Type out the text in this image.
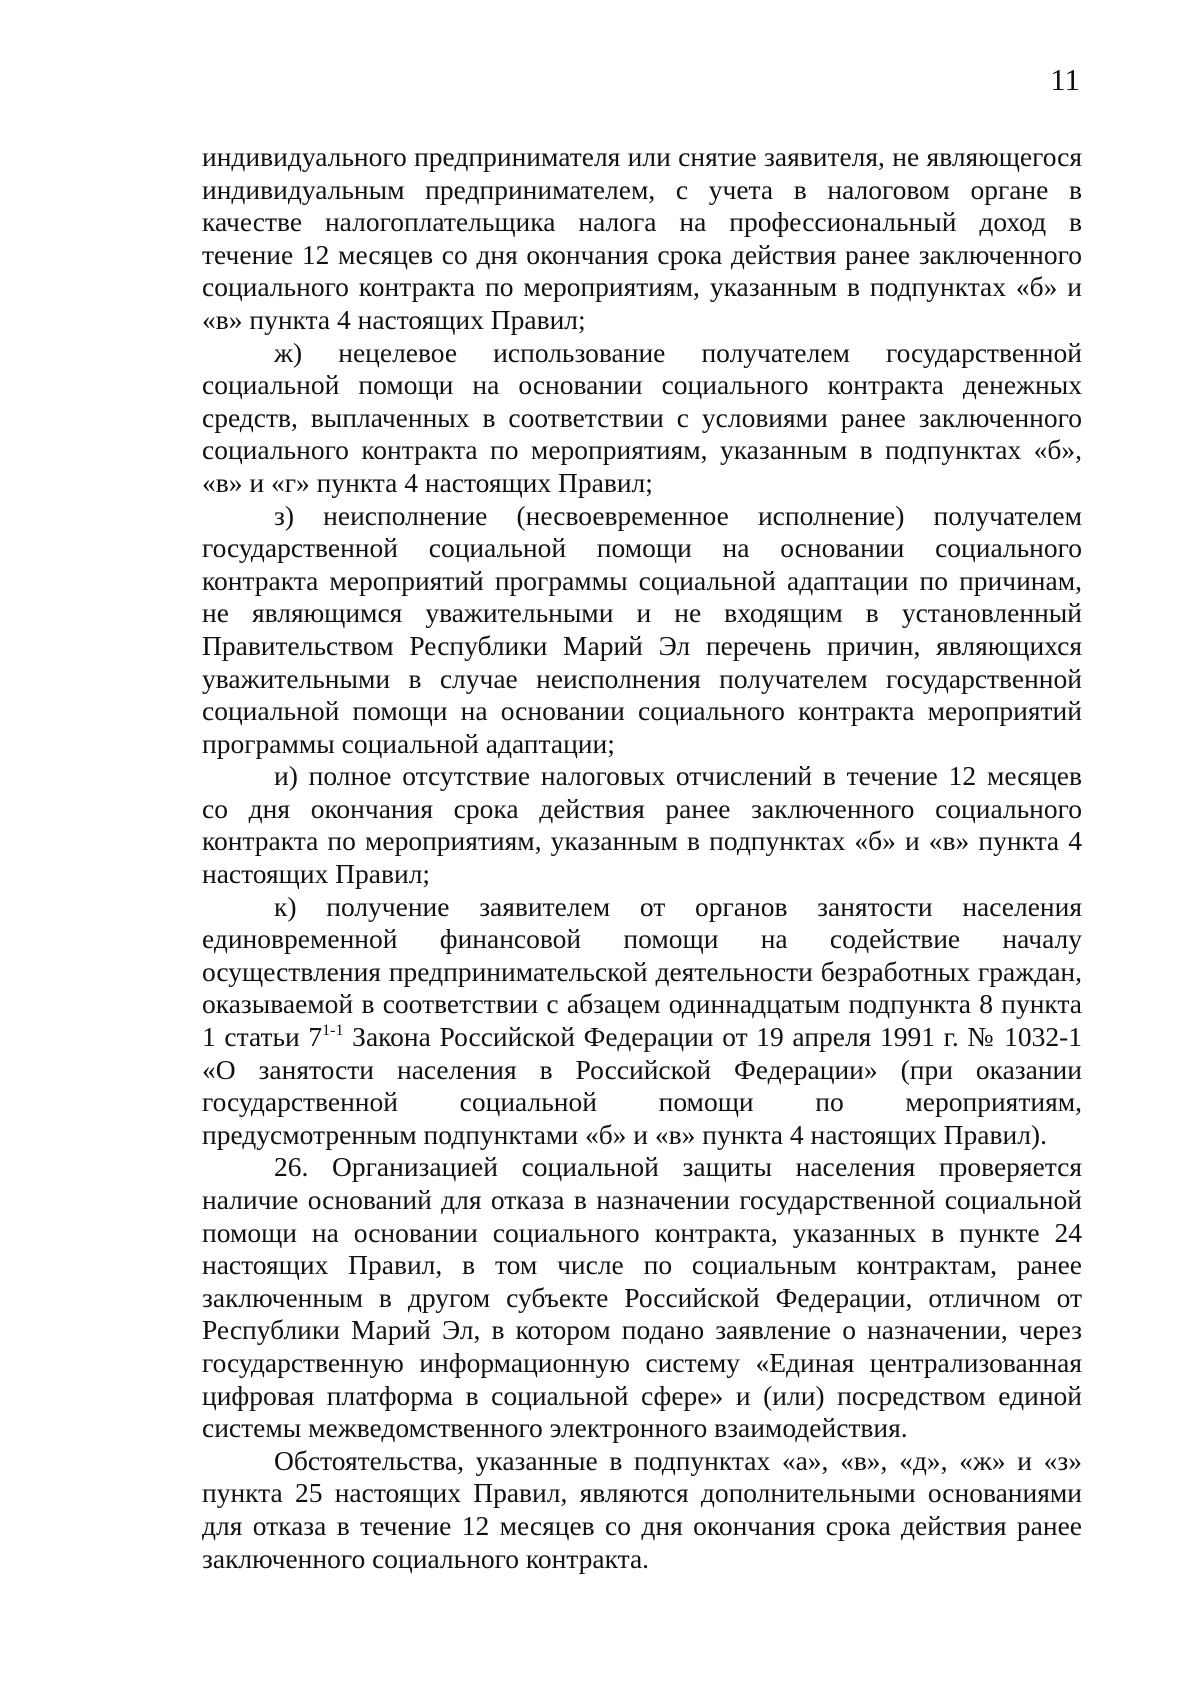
11

индивидуального предпринимателя или снятие заявителя, не являющегося индивидуальным предпринимателем, с учета в налоговом органе в качестве налогоплательщика налога на профессиональный доход в течение 12 месяцев со дня окончания срока действия ранее заключенного социального контракта по мероприятиям, указанным в подпунктах «б» и «в» пункта 4 настоящих Правил;

ж) нецелевое использование получателем государственной социальной помощи на основании социального контракта денежных средств, выплаченных в соответствии с условиями ранее заключенного социального контракта по мероприятиям, указанным в подпунктах «б», «в» и «г» пункта 4 настоящих Правил;

з) неисполнение (несвоевременное исполнение) получателем государственной социальной помощи на основании социального контракта мероприятий программы социальной адаптации по причинам, не являющимся уважительными и не входящим в установленный Правительством Республики Марий Эл перечень причин, являющихся уважительными в случае неисполнения получателем государственной социальной помощи на основании социального контракта мероприятий программы социальной адаптации;

и) полное отсутствие налоговых отчислений в течение 12 месяцев со дня окончания срока действия ранее заключенного социального контракта по мероприятиям, указанным в подпунктах «б» и «в» пункта 4 настоящих Правил;

к) получение заявителем от органов занятости населения единовременной финансовой помощи на содействие началу осуществления предпринимательской деятельности безработных граждан, оказываемой в соответствии с абзацем одиннадцатым подпункта 8 пункта 1 статьи 7$^{1-1}$ Закона Российской Федерации от 19 апреля 1991 г. № 1032-1 «О занятости населения в Российской Федерации» (при оказании государственной социальной помощи по мероприятиям, предусмотренным подпунктами «б» и «в» пункта 4 настоящих Правил).

26. Организацией социальной защиты населения проверяется наличие оснований для отказа в назначении государственной социальной помощи на основании социального контракта, указанных в пункте 24 настоящих Правил, в том числе по социальным контрактам, ранее заключенным в другом субъекте Российской Федерации, отличном от Республики Марий Эл, в котором подано заявление о назначении, через государственную информационную систему «Единая централизованная цифровая платформа в социальной сфере» и (или) посредством единой системы межведомственного электронного взаимодействия.

Обстоятельства, указанные в подпунктах «а», «в», «д», «ж» и «з» пункта 25 настоящих Правил, являются дополнительными основаниями для отказа в течение 12 месяцев со дня окончания срока действия ранее заключенного социального контракта.
